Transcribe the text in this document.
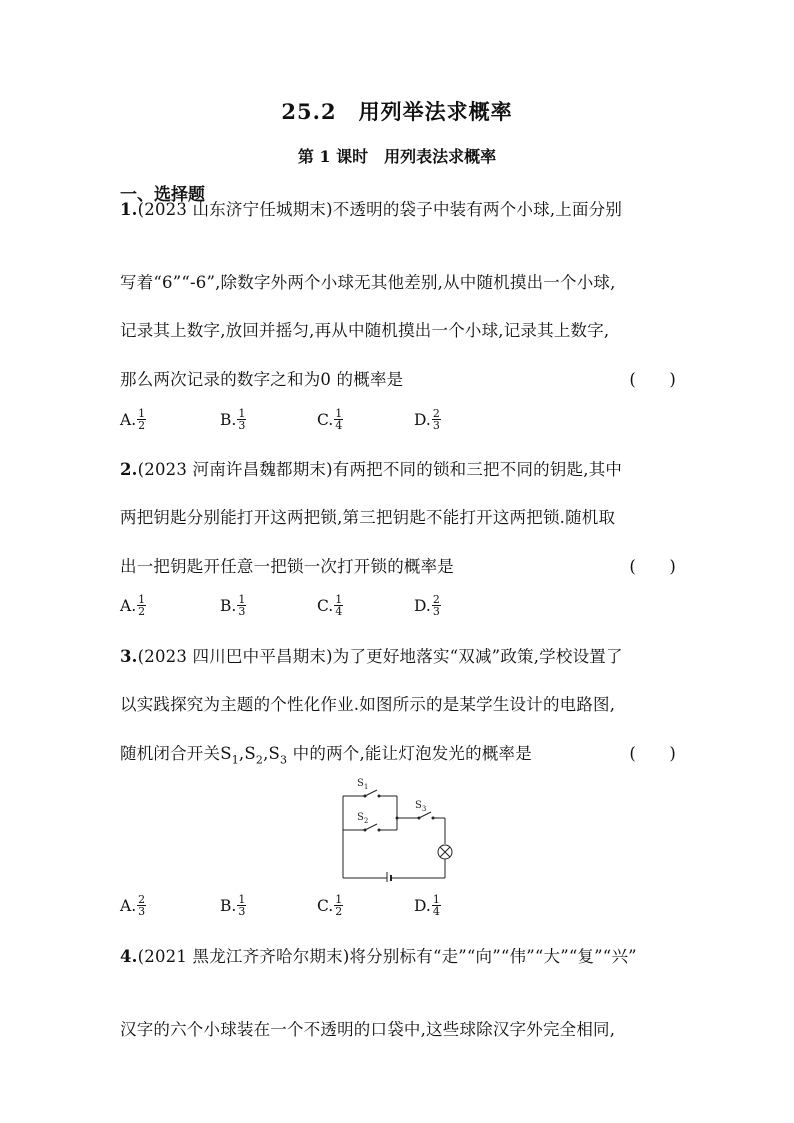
25.2　用列举法求概率
第 1 课时　用列表法求概率
一、选择题
1.(2023 山东济宁任城期末)不透明的袋子中装有两个小球,上面分别
写着“6”“-6”,除数字外两个小球无其他差别,从中随机摸出一个小球,
记录其上数字,放回并摇匀,再从中随机摸出一个小球,记录其上数字,
那么两次记录的数字之和为0 的概率是	(　　)
A. $\frac{1}{2}$	B. $\frac{1}{3}$	C. $\frac{1}{4}$	D. $\frac{2}{3}$
2.(2023 河南许昌魏都期末)有两把不同的锁和三把不同的钥匙,其中
两把钥匙分别能打开这两把锁,第三把钥匙不能打开这两把锁.随机取
出一把钥匙开任意一把锁一次打开锁的概率是	(　　)
A. $\frac{1}{2}$	B. $\frac{1}{3}$	C. $\frac{1}{4}$	D. $\frac{2}{3}$
3.(2023 四川巴中平昌期末)为了更好地落实“双减”政策,学校设置了
以实践探究为主题的个性化作业.如图所示的是某学生设计的电路图,
随机闭合开关$S_1,S_2,S_3$ 中的两个,能让灯泡发光的概率是	(　　)
$S_1$
$S_2$
$S_3$
A. $\frac{2}{3}$	B. $\frac{1}{3}$	C. $\frac{1}{2}$	D. $\frac{1}{4}$
4.(2021 黑龙江齐齐哈尔期末)将分别标有“走”“向”“伟”“大”“复”“兴”
汉字的六个小球装在一个不透明的口袋中,这些球除汉字外完全相同,
